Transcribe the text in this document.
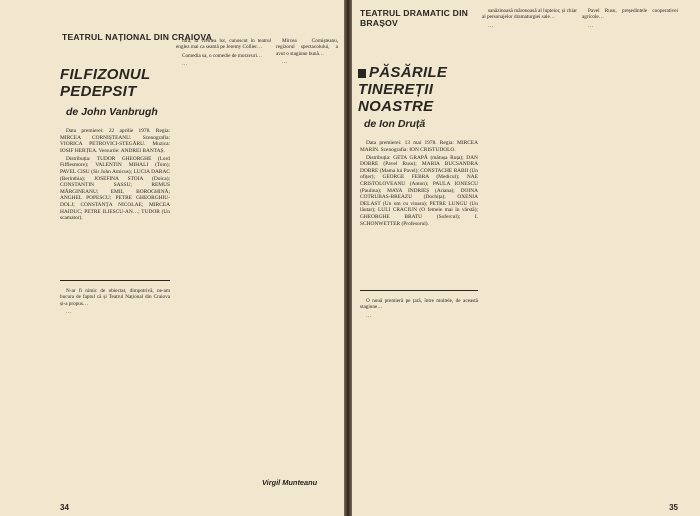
TEATRUL NAȚIONAL DIN CRAIOVA
FILFIZONUL PEDEPSIT
de John Vanbrugh

Data premierei: 22 aprilie 1978. Regia: MIRCEA CORNIȘTEANU. Scenografia: VIORICA PETROVICI-STEGĂRU. Muzica: IOSIF HERȚEA. Versurile: ANDREI BANTAȘ.

Distribuția: TUDOR GHEORGHE (Lord Fifflesmore); VALENTIN MIHALI (Tom); PAVEL CISU (Sir John Amicus); LUCIA DARAC (Berinthia); JOSEFINA STOIA (Doica); CONSTANTIN SASSU; REMUS MĂRGINEANU; EMIL BOROGHINĂ; ANGHEL POPESCU; PETRE GHEORGHIU-DOLJ; CONSTANȚA NICOLAE; MIRCEA HAIDUC; PETRE ILIESCU-AN…; TUDOR (Un scamator).

N-ar fi nimic de obiectat, dimpotrivă, ne-am bucura de faptul că și Teatrul Național din Craiova și-a propus…

…

tura, la vremea lor, cunoscut în teatrul englez mai ca seamă pe Jeremy Collier…

Comedia sa, o comedie de moravuri…

…

Mircea Cornișteanu, regizorul spectacolului, a avut o stagiune bună…

…

Virgil Munteanu
34
TEATRUL DRAMATIC DIN BRAȘOV
PĂSĂRILE TINEREȚII NOASTRE
de Ion Druță

Data premierei: 13 mai 1978. Regia: MIRCEA MARIN. Scenografia: ION CRISTUDOLO.

Distribuția: GETA GRAPĂ (mătușa Ruța); DAN DOBRE (Pavel Rusu); MARIA BUCSANDRA DOBRE (Mama lui Pavel); CONSTACHE BABII (Un ofițer); GEORGE FEBRA (Medicul); NAE CRISTOLOVEANU (Anton); PAULA IONESCU (Paulina); MAYA INDRIEȘ (Ariana); DOINA COTRUBAS-BREAZU (Dochița); OXENIA DELAST (Un om cu vioara); PETRE LUNGU (Un lăutar); LULI CRACIUN (O femeie mai în vârstă); GHEORGHE BRATU (Sofercul); I. SCHONWETTER (Profesorul).

sanăzinoasă măronoasă al lupteior, și chiar al personajelor dramaturgiei sale…

…

O nouă premieră pe țară, între multele, de aceastǎ stagiune…

…

Pavel Rusu, președintele cooperativei agricole…

…

35
